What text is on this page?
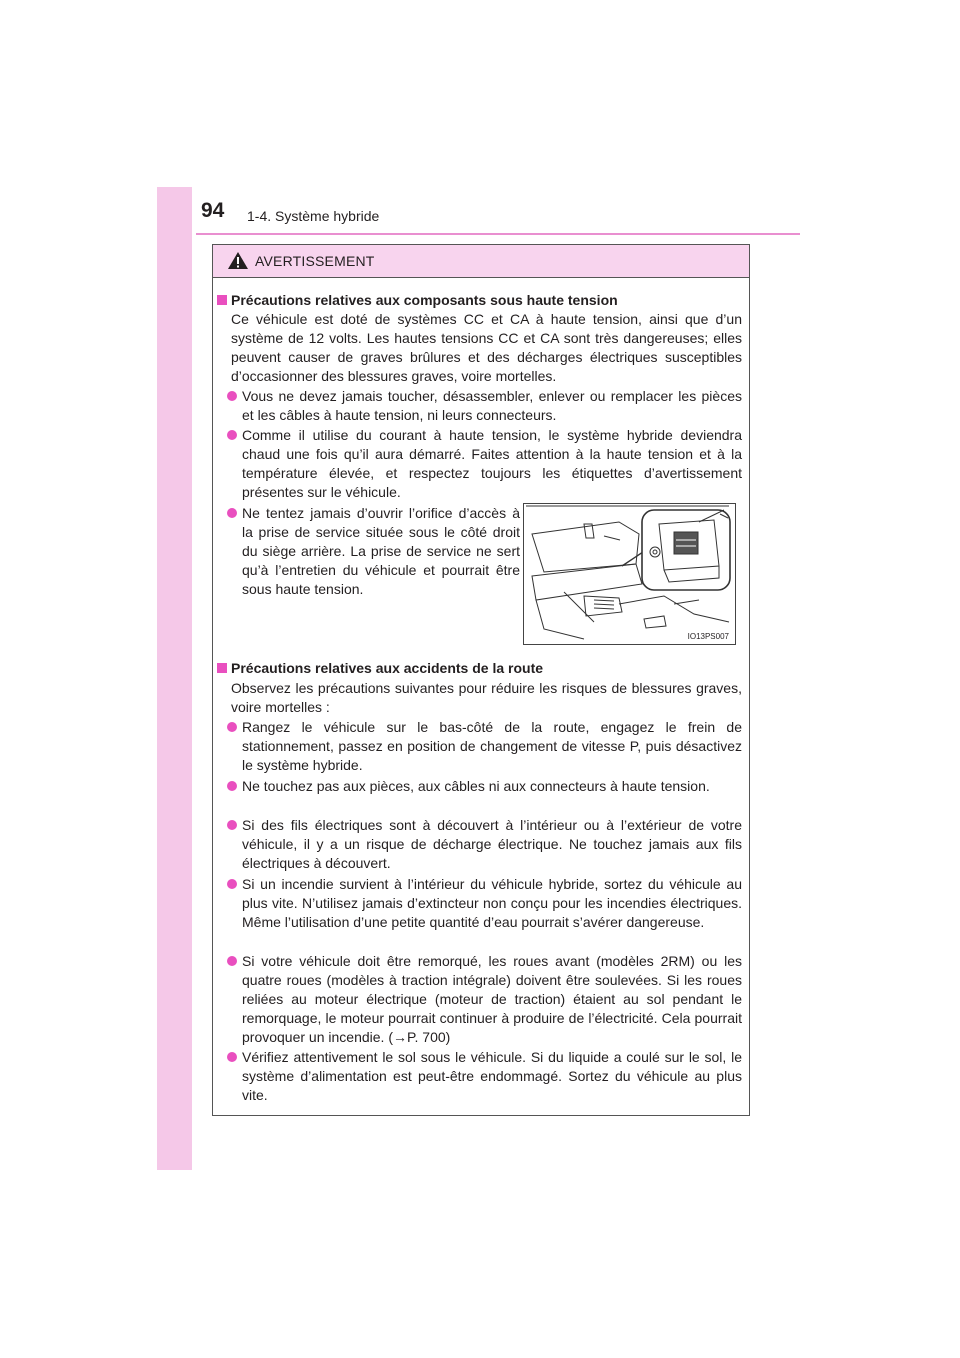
94 1-4. Système hybride
AVERTISSEMENT
Précautions relatives aux composants sous haute tension

Ce véhicule est doté de systèmes CC et CA à haute tension, ainsi que d’un système de 12 volts. Les hautes tensions CC et CA sont très dangereuses; elles peuvent causer de graves brûlures et des décharges électriques susceptibles d’occasionner des blessures graves, voire mortelles.

Vous ne devez jamais toucher, désassembler, enlever ou remplacer les pièces et les câbles à haute tension, ni leurs connecteurs.
Comme il utilise du courant à haute tension, le système hybride deviendra chaud une fois qu’il aura démarré. Faites attention à la haute tension et à la température élevée, et respectez toujours les étiquettes d’avertissement présentes sur le véhicule.
Ne tentez jamais d’ouvrir l’orifice d’accès à la prise de service située sous le côté droit du siège arrière. La prise de service ne sert qu’à l’entretien du véhicule et pourrait être sous haute tension.
IO13PS007
Précautions relatives aux accidents de la route

Observez les précautions suivantes pour réduire les risques de blessures graves, voire mortelles :

Rangez le véhicule sur le bas-côté de la route, engagez le frein de stationnement, passez en position de changement de vitesse P, puis désactivez le système hybride.
Ne touchez pas aux pièces, aux câbles ni aux connecteurs à haute tension.
Si des fils électriques sont à découvert à l’intérieur ou à l’extérieur de votre véhicule, il y a un risque de décharge électrique. Ne touchez jamais aux fils électriques à découvert.
Si un incendie survient à l’intérieur du véhicule hybride, sortez du véhicule au plus vite. N’utilisez jamais d’extincteur non conçu pour les incendies électriques. Même l’utilisation d’une petite quantité d’eau pourrait s’avérer dangereuse.
Si votre véhicule doit être remorqué, les roues avant (modèles 2RM) ou les quatre roues (modèles à traction intégrale) doivent être soulevées. Si les roues reliées au moteur électrique (moteur de traction) étaient au sol pendant le remorquage, le moteur pourrait continuer à produire de l’électricité. Cela pourrait provoquer un incendie. (→P. 700)
Vérifiez attentivement le sol sous le véhicule. Si du liquide a coulé sur le sol, le système d’alimentation est peut-être endommagé. Sortez du véhicule au plus vite.
